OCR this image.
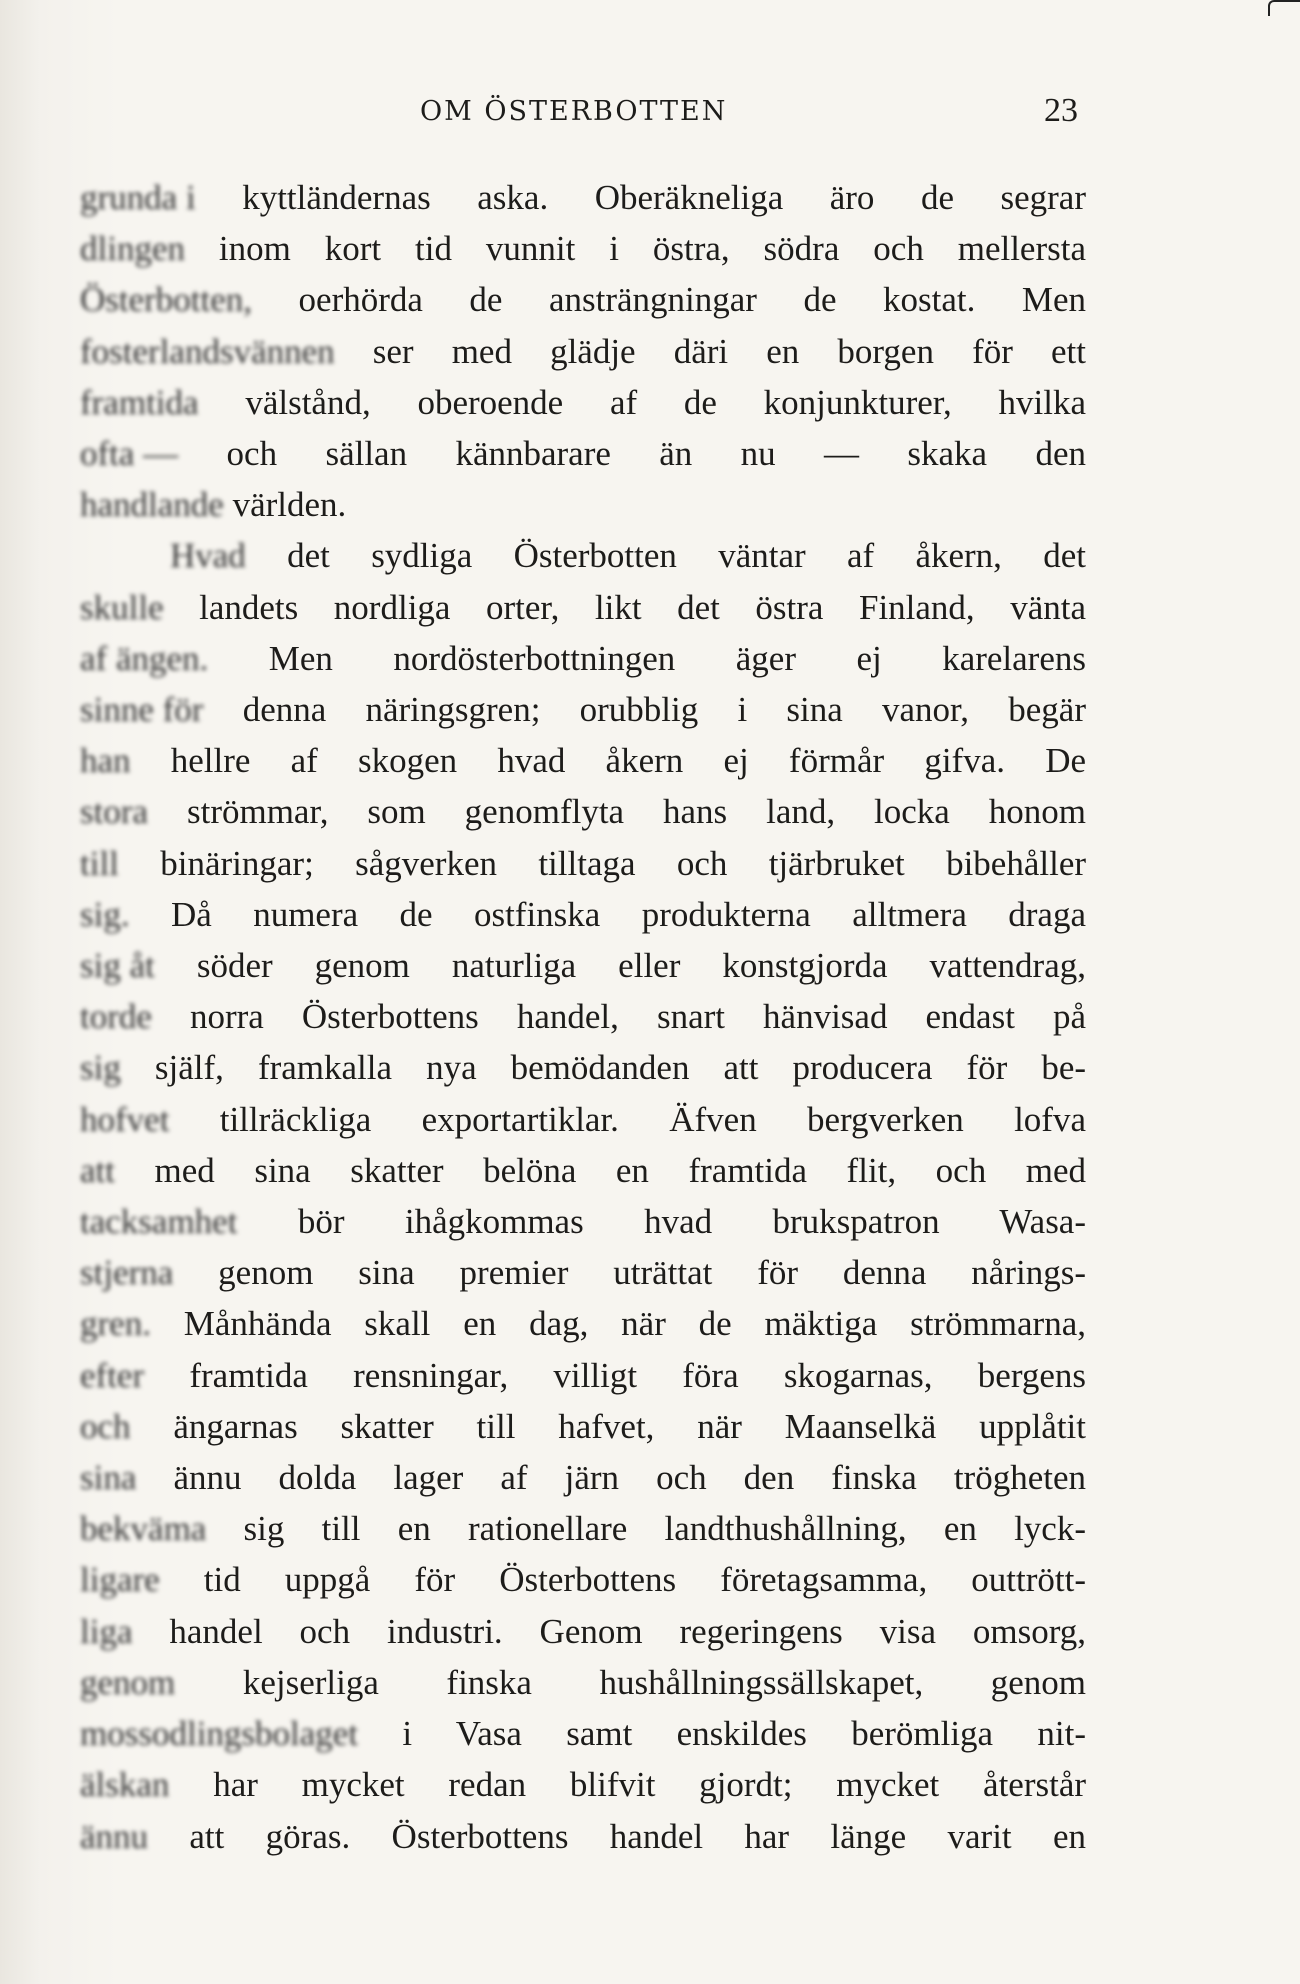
OM ÖSTERBOTTEN	23
grunda i kyttländernas aska. Oberäkneliga äro de segrar
dlingen inom kort tid vunnit i östra, södra och mellersta
Österbotten, oerhörda de ansträngningar de kostat. Men
fosterlandsvännen ser med glädje däri en borgen för ett
framtida välstånd, oberoende af de konjunkturer, hvilka
ofta — och sällan kännbarare än nu — skaka den
handlande världen.
Hvad det sydliga Österbotten väntar af åkern, det
skulle landets nordliga orter, likt det östra Finland, vänta
af ängen. Men nordösterbottningen äger ej karelarens
sinne för denna näringsgren; orubblig i sina vanor, begär
han hellre af skogen hvad åkern ej förmår gifva. De
stora strömmar, som genomflyta hans land, locka honom
till binäringar; sågverken tilltaga och tjärbruket bibehåller
sig. Då numera de ostfinska produkterna alltmera draga
sig åt söder genom naturliga eller konstgjorda vattendrag,
torde norra Österbottens handel, snart hänvisad endast på
sig själf, framkalla nya bemödanden att producera för be-
hofvet tillräckliga exportartiklar. Äfven bergverken lofva
att med sina skatter belöna en framtida flit, och med
tacksamhet bör ihågkommas hvad brukspatron Wasa-
stjerna genom sina premier uträttat för denna nårings-
gren. Månhända skall en dag, när de mäktiga strömmarna,
efter framtida rensningar, villigt föra skogarnas, bergens
och ängarnas skatter till hafvet, när Maanselkä upplåtit
sina ännu dolda lager af järn och den finska trögheten
bekväma sig till en rationellare landthushållning, en lyck-
ligare tid uppgå för Österbottens företagsamma, outtrött-
liga handel och industri. Genom regeringens visa omsorg,
genom kejserliga finska hushållningssällskapet, genom
mossodlingsbolaget i Vasa samt enskildes berömliga nit-
älskan har mycket redan blifvit gjordt; mycket återstår
ännu att göras. Österbottens handel har länge varit en
